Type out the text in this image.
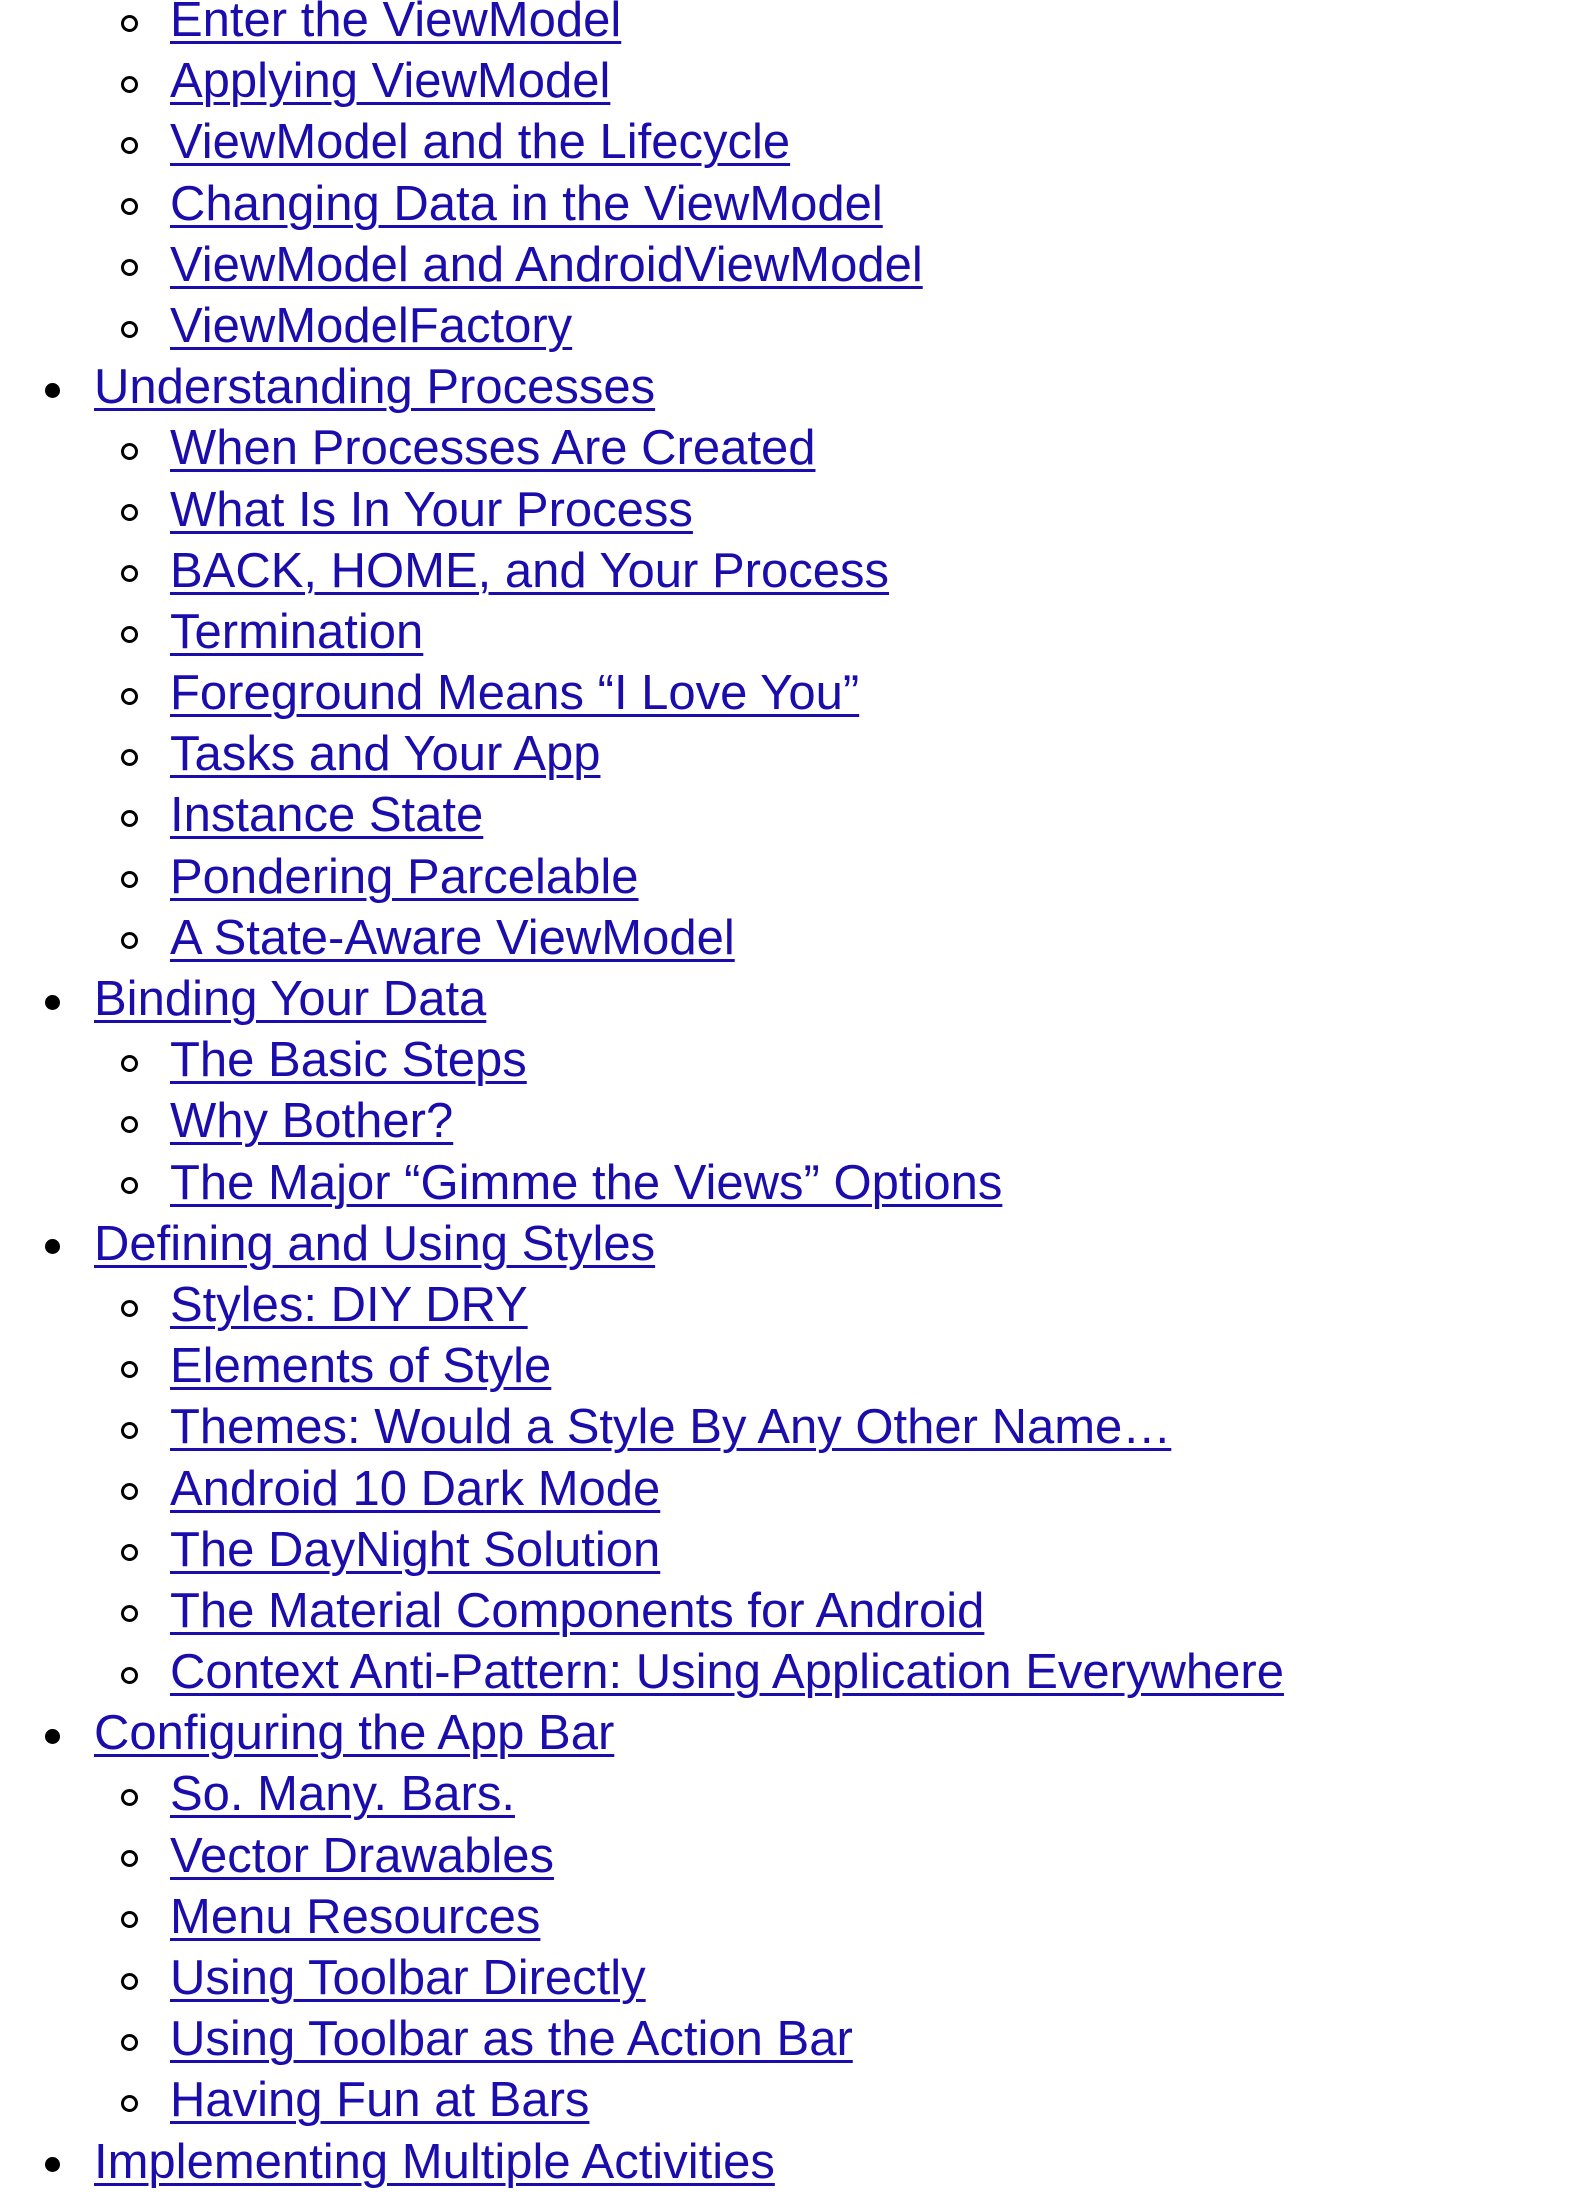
Enter the ViewModel
Applying ViewModel
ViewModel and the Lifecycle
Changing Data in the ViewModel
ViewModel and AndroidViewModel
ViewModelFactory
Understanding Processes
When Processes Are Created
What Is In Your Process
BACK, HOME, and Your Process
Termination
Foreground Means “I Love You”
Tasks and Your App
Instance State
Pondering Parcelable
A State-Aware ViewModel
Binding Your Data
The Basic Steps
Why Bother?
The Major “Gimme the Views” Options
Defining and Using Styles
Styles: DIY DRY
Elements of Style
Themes: Would a Style By Any Other Name…
Android 10 Dark Mode
The DayNight Solution
The Material Components for Android
Context Anti-Pattern: Using Application Everywhere
Configuring the App Bar
So. Many. Bars.
Vector Drawables
Menu Resources
Using Toolbar Directly
Using Toolbar as the Action Bar
Having Fun at Bars
Implementing Multiple Activities
